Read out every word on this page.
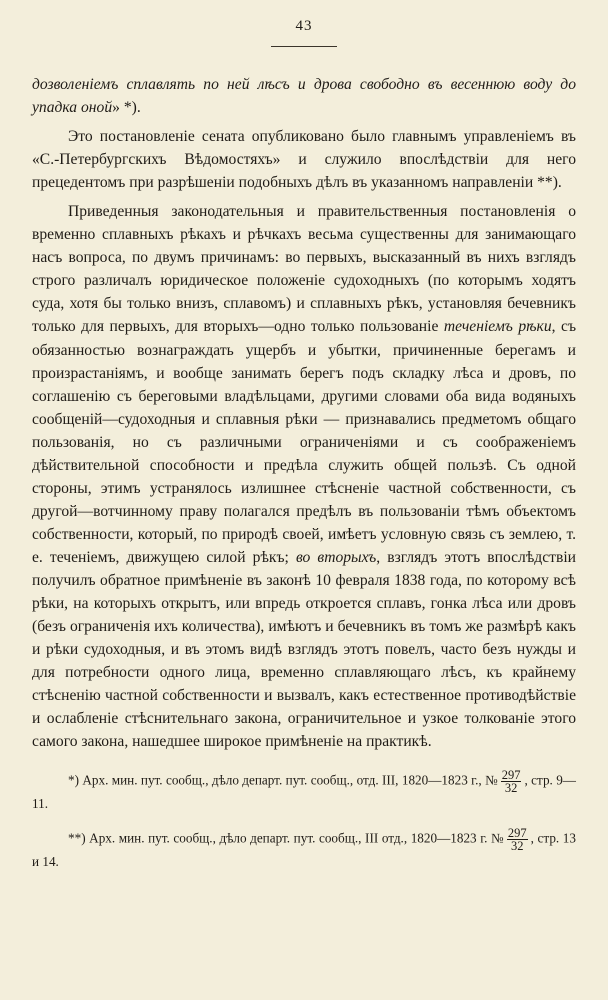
43

дозволеніемъ сплавлять по ней лѣсъ и дрова свободно въ весеннюю воду до упадка оной» *).

Это постановленіе сената опубликовано было главнымъ управленіемъ въ «С.-Петербургскихъ Вѣдомостяхъ» и служило впослѣдствіи для него прецедентомъ при разрѣшеніи подобныхъ дѣлъ въ указанномъ направленіи **).

Приведенныя законодательныя и правительственныя постановленія о временно сплавныхъ рѣкахъ и рѣчкахъ весьма существенны для занимающаго насъ вопроса, по двумъ причинамъ: во первыхъ, высказанный въ нихъ взглядъ строго различалъ юридическое положеніе судоходныхъ (по которымъ ходятъ суда, хотя бы только внизъ, сплавомъ) и сплавныхъ рѣкъ, установляя бечевникъ только для первыхъ, для вторыхъ—одно только пользованіе теченіемъ рѣки, съ обязанностью вознаграждать ущербъ и убытки, причиненные берегамъ и произрастаніямъ, и вообще занимать берегъ подъ складку лѣса и дровъ, по соглашенію съ береговыми владѣльцами, другими словами оба вида водяныхъ сообщеній—судоходныя и сплавныя рѣки — признавались предметомъ общаго пользованія, но съ различными ограниченіями и съ соображеніемъ дѣйствительной способности и предѣла служить общей пользѣ. Съ одной стороны, этимъ устранялось излишнее стѣсненіе частной собственности, съ другой—вотчинному праву полагался предѣлъ въ пользованіи тѣмъ объектомъ собственности, который, по природѣ своей, имѣетъ условную связь съ землею, т. е. теченіемъ, движущею силой рѣкъ; во вторыхъ, взглядъ этотъ впослѣдствіи получилъ обратное примѣненіе въ законѣ 10 февраля 1838 года, по которому всѣ рѣки, на которыхъ открытъ, или впредь откроется сплавъ, гонка лѣса или дровъ (безъ ограниченія ихъ количества), имѣютъ и бечевникъ въ томъ же размѣрѣ какъ и рѣки судоходныя, и въ этомъ видѣ взглядъ этотъ повелъ, часто безъ нужды и для потребности одного лица, временно сплавляющаго лѣсъ, къ крайнему стѣсненію частной собственности и вызвалъ, какъ естественное противодѣйствіе и ослабленіе стѣснительнаго закона, ограничительное и узкое толкованіе этого самого закона, нашедшее широкое примѣненіе на практикѣ.

*) Арх. мин. пут. сообщ., дѣло департ. пут. сообщ., отд. III, 1820—1823 г., № $\frac{297}{32}$ , стр. 9—11.

**) Арх. мин. пут. сообщ., дѣло департ. пут. сообщ., III отд., 1820—1823 г. № $\frac{297}{32}$ , стр. 13 и 14.
